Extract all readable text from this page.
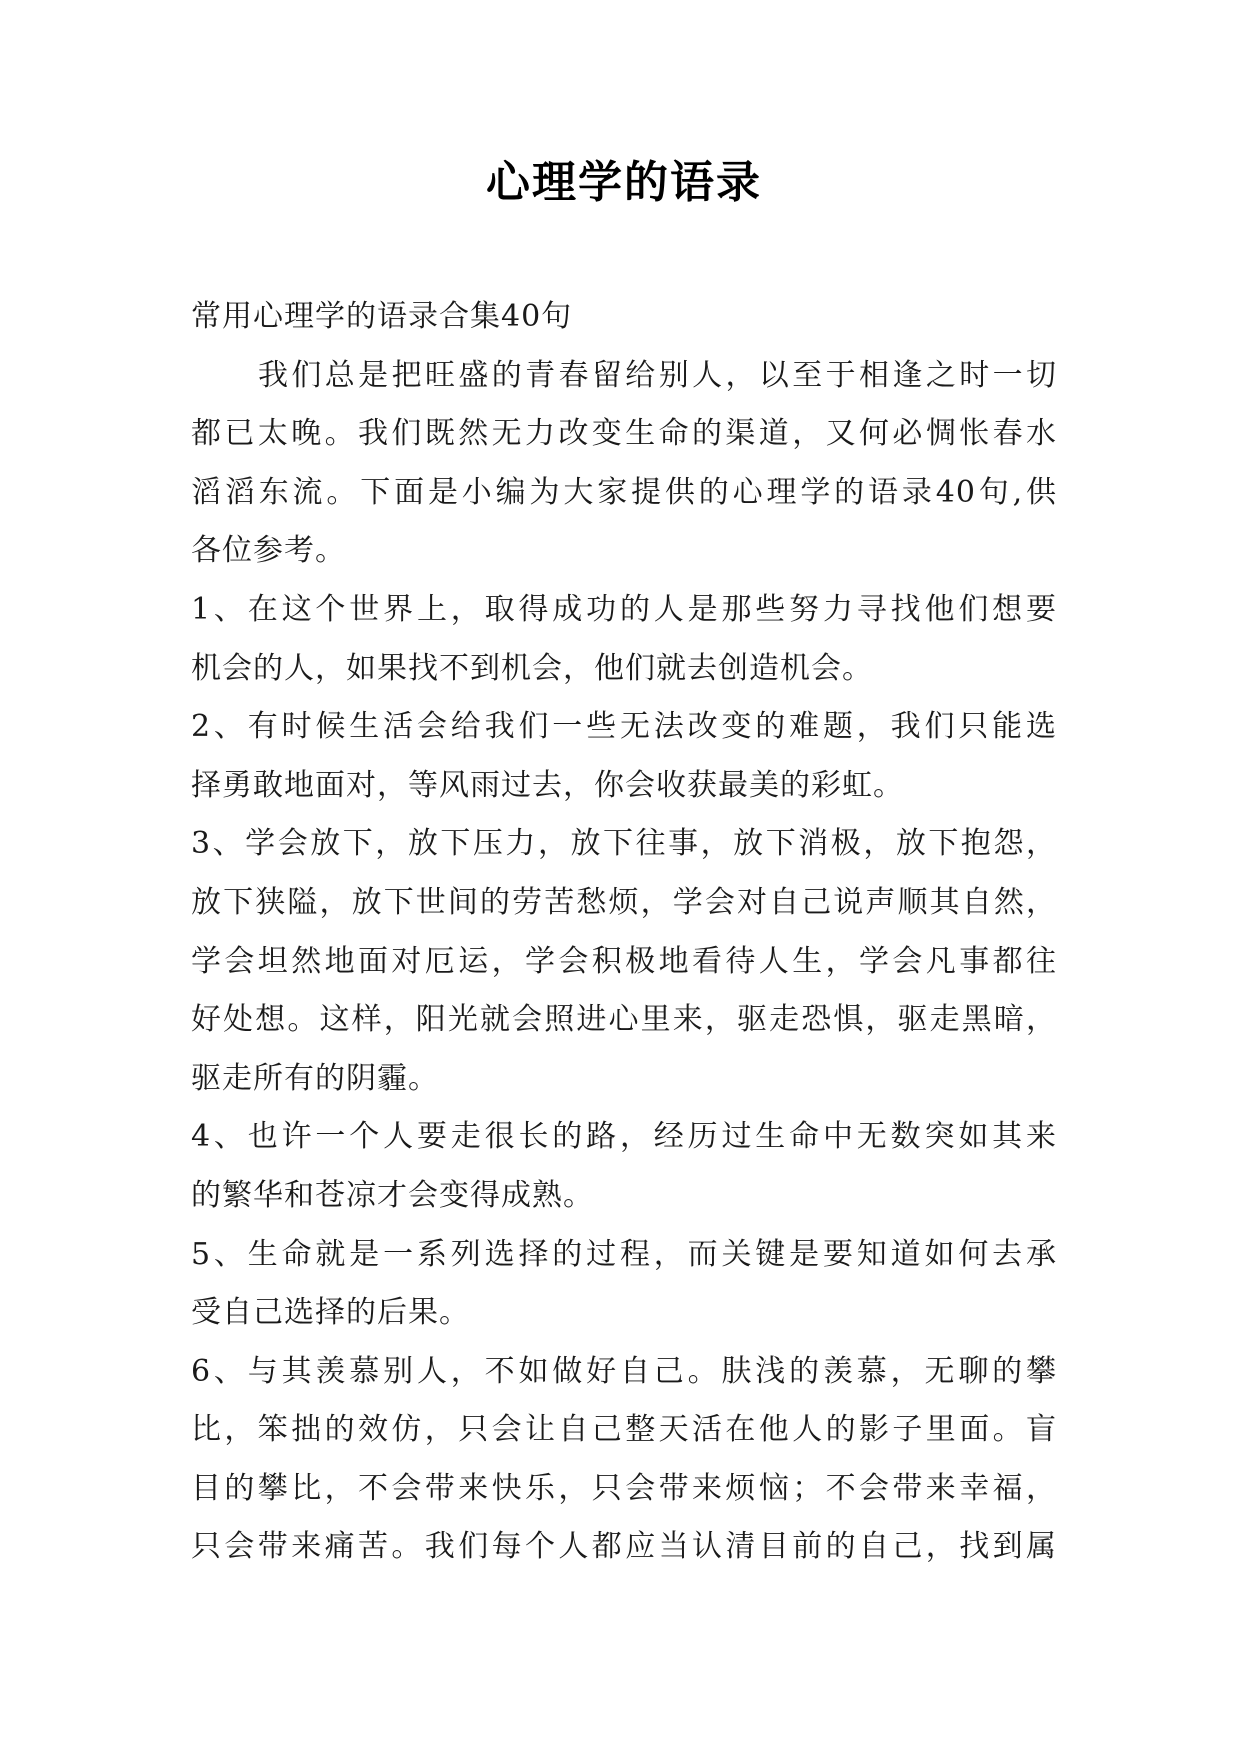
心理学的语录
常用心理学的语录合集40句
我们总是把旺盛的青春留给别人，以至于相逢之时一切
都已太晚。我们既然无力改变生命的渠道，又何必惆怅春水
滔滔东流。下面是小编为大家提供的心理学的语录40句,供
各位参考。
1、在这个世界上，取得成功的人是那些努力寻找他们想要
机会的人，如果找不到机会，他们就去创造机会。
2、有时候生活会给我们一些无法改变的难题，我们只能选
择勇敢地面对，等风雨过去，你会收获最美的彩虹。
3、学会放下，放下压力，放下往事，放下消极，放下抱怨，
放下狭隘，放下世间的劳苦愁烦，学会对自己说声顺其自然，
学会坦然地面对厄运，学会积极地看待人生，学会凡事都往
好处想。这样，阳光就会照进心里来，驱走恐惧，驱走黑暗，
驱走所有的阴霾。
4、也许一个人要走很长的路，经历过生命中无数突如其来
的繁华和苍凉才会变得成熟。
5、生命就是一系列选择的过程，而关键是要知道如何去承
受自己选择的后果。
6、与其羡慕别人，不如做好自己。肤浅的羡慕，无聊的攀
比，笨拙的效仿，只会让自己整天活在他人的影子里面。盲
目的攀比，不会带来快乐，只会带来烦恼；不会带来幸福，
只会带来痛苦。我们每个人都应当认清目前的自己，找到属
